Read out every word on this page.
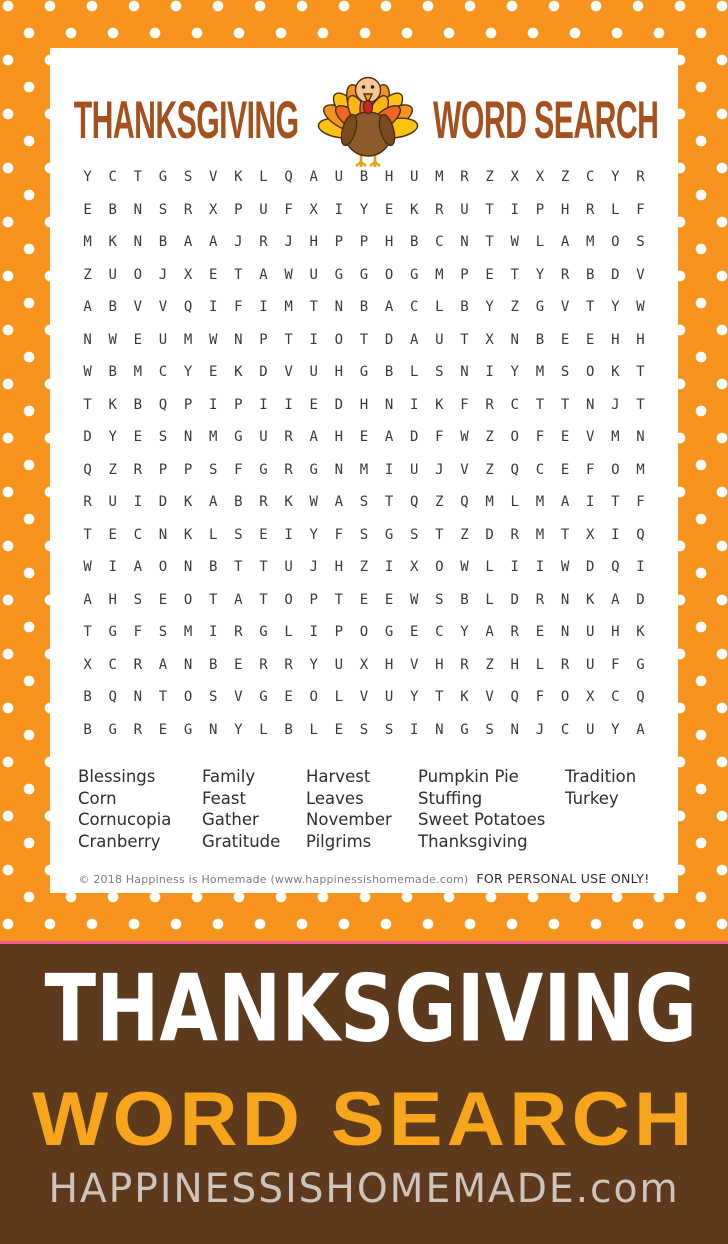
THANKSGIVING	WORD SEARCH
Y	C	T	G	S	V	K	L	Q	A	U	B	H	U	M	R	Z	X	X	Z	C	Y	R
E	B	N	S	R	X	P	U	F	X	I	Y	E	K	R	U	T	I	P	H	R	L	F
M	K	N	B	A	A	J	R	J	H	P	P	H	B	C	N	T	W	L	A	M	O	S
Z	U	O	J	X	E	T	A	W	U	G	G	O	G	M	P	E	T	Y	R	B	D	V
A	B	V	V	Q	I	F	I	M	T	N	B	A	C	L	B	Y	Z	G	V	T	Y	W
N	W	E	U	M	W	N	P	T	I	O	T	D	A	U	T	X	N	B	E	E	H	H
W	B	M	C	Y	E	K	D	V	U	H	G	B	L	S	N	I	Y	M	S	O	K	T
T	K	B	Q	P	I	P	I	I	E	D	H	N	I	K	F	R	C	T	T	N	J	T
D	Y	E	S	N	M	G	U	R	A	H	E	A	D	F	W	Z	O	F	E	V	M	N
Q	Z	R	P	P	S	F	G	R	G	N	M	I	U	J	V	Z	Q	C	E	F	O	M
R	U	I	D	K	A	B	R	K	W	A	S	T	Q	Z	Q	M	L	M	A	I	T	F
T	E	C	N	K	L	S	E	I	Y	F	S	G	S	T	Z	D	R	M	T	X	I	Q
W	I	A	O	N	B	T	T	U	J	H	Z	I	X	O	W	L	I	I	W	D	Q	I
A	H	S	E	O	T	A	T	O	P	T	E	E	W	S	B	L	D	R	N	K	A	D
T	G	F	S	M	I	R	G	L	I	P	O	G	E	C	Y	A	R	E	N	U	H	K
X	C	R	A	N	B	E	R	R	Y	U	X	H	V	H	R	Z	H	L	R	U	F	G
B	Q	N	T	O	S	V	G	E	O	L	V	U	Y	T	K	V	Q	F	O	X	C	Q
B	G	R	E	G	N	Y	L	B	L	E	S	S	I	N	G	S	N	J	C	U	Y	A
Blessings
Corn
Cornucopia
Cranberry
Family
Feast
Gather
Gratitude
Harvest
Leaves
November
Pilgrims
Pumpkin Pie
Stuffing
Sweet Potatoes
Thanksgiving
Tradition
Turkey
© 2018 Happiness is Homemade (www.happinessishomemade.com) FOR PERSONAL USE ONLY!
THANKSGIVING
WORD SEARCH
HAPPINESSISHOMEMADE.com
